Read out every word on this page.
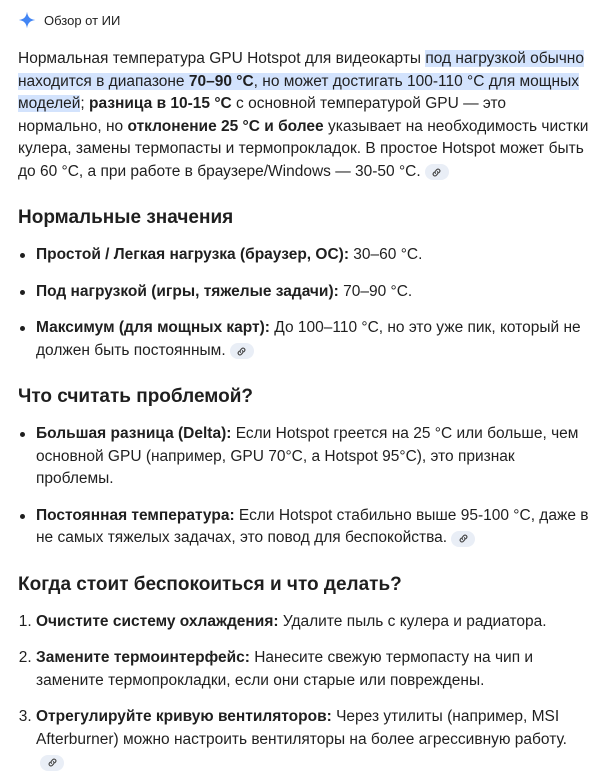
Обзор от ИИ

Нормальная температура GPU Hotspot для видеокарты под нагрузкой обычно находится в диапазоне 70–90 °C, но может достигать 100-110 °C для мощных моделей; разница в 10-15 °C с основной температурой GPU — это нормально, но отклонение 25 °C и более указывает на необходимость чистки кулера, замены термопасты и термопрокладок. В простое Hotspot может быть до 60 °C, а при работе в браузере/Windows — 30-50 °C.

Нормальные значения
Простой / Легкая нагрузка (браузер, ОС): 30–60 °C.
Под нагрузкой (игры, тяжелые задачи): 70–90 °C.
Максимум (для мощных карт): До 100–110 °C, но это уже пик, который не должен быть постоянным.
Что считать проблемой?
Большая разница (Delta): Если Hotspot греется на 25 °C или больше, чем основной GPU (например, GPU 70°C, а Hotspot 95°C), это признак проблемы.
Постоянная температура: Если Hotspot стабильно выше 95-100 °C, даже в не самых тяжелых задачах, это повод для беспокойства.
Когда стоит беспокоиться и что делать?
1. Очистите систему охлаждения: Удалите пыль с кулера и радиатора.
2. Замените термоинтерфейс: Нанесите свежую термопасту на чип и замените термопрокладки, если они старые или повреждены.
3. Отрегулируйте кривую вентиляторов: Через утилиты (например, MSI Afterburner) можно настроить вентиляторы на более агрессивную работу.
